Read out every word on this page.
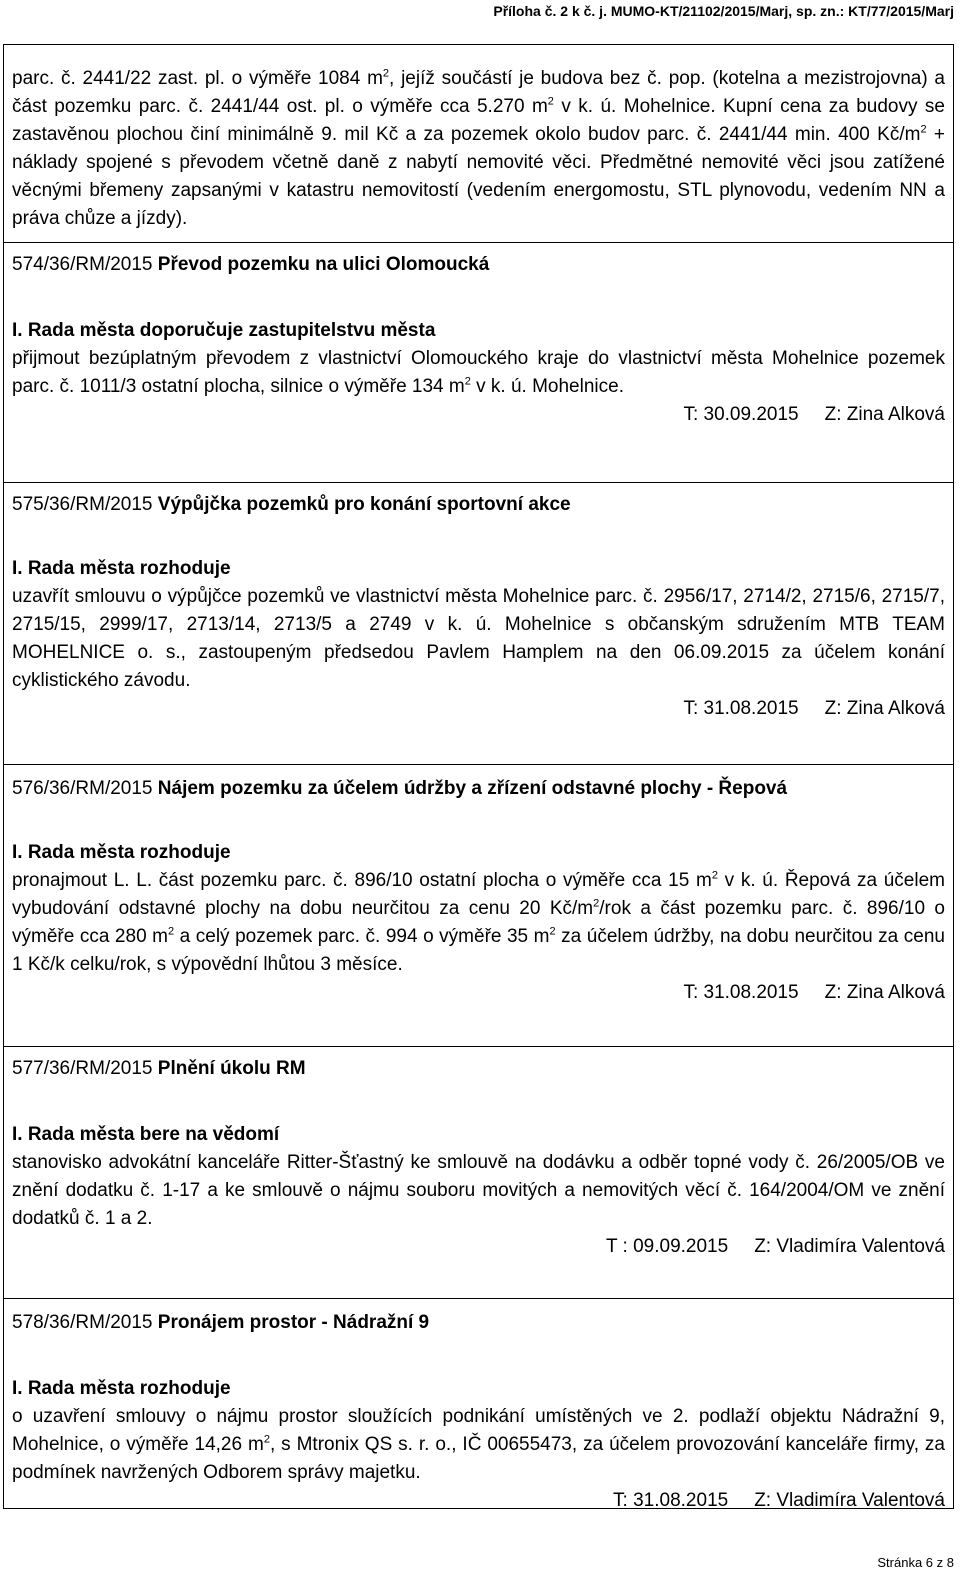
Příloha č. 2 k č. j. MUMO-KT/21102/2015/Marj, sp. zn.: KT/77/2015/Marj
parc. č. 2441/22 zast. pl. o výměře 1084 $m^2$, jejíž součástí je budova bez č. pop. (kotelna a mezistrojovna) a část pozemku parc. č. 2441/44 ost. pl. o výměře cca 5.270 $m^2$ v k. ú. Mohelnice. Kupní cena za budovy se zastavěnou plochou činí minimálně 9. mil Kč a za pozemek okolo budov parc. č. 2441/44 min. 400 $Kč/m^2$ + náklady spojené s převodem včetně daně z nabytí nemovité věci. Předmětné nemovité věci jsou zatížené věcnými břemeny zapsanými v katastru nemovitostí (vedením energomostu, STL plynovodu, vedením NN a práva chůze a jízdy).
574/36/RM/2015 Převod pozemku na ulici Olomoucká
I. Rada města doporučuje zastupitelstvu města
přijmout bezúplatným převodem z vlastnictví Olomouckého kraje do vlastnictví města Mohelnice pozemek parc. č. 1011/3 ostatní plocha, silnice o výměře 134 $m^2$ v k. ú. Mohelnice.
T: 30.09.2015 Z: Zina Alková
575/36/RM/2015 Výpůjčka pozemků pro konání sportovní akce
I. Rada města rozhoduje
uzavřít smlouvu o výpůjčce pozemků ve vlastnictví města Mohelnice parc. č. 2956/17, 2714/2, 2715/6, 2715/7, 2715/15, 2999/17, 2713/14, 2713/5 a 2749 v k. ú. Mohelnice s občanským sdružením MTB TEAM MOHELNICE o. s., zastoupeným předsedou Pavlem Hamplem na den 06.09.2015 za účelem konání cyklistického závodu.
T: 31.08.2015 Z: Zina Alková
576/36/RM/2015 Nájem pozemku za účelem údržby a zřízení odstavné plochy - Řepová
I. Rada města rozhoduje
pronajmout L. L. část pozemku parc. č. 896/10 ostatní plocha o výměře cca 15 $m^2$ v k. ú. Řepová za účelem vybudování odstavné plochy na dobu neurčitou za cenu 20 $Kč/m^2$/rok a část pozemku parc. č. 896/10 o výměře cca 280 $m^2$ a celý pozemek parc. č. 994 o výměře 35 $m^2$ za účelem údržby, na dobu neurčitou za cenu 1 Kč/k celku/rok, s výpovědní lhůtou 3 měsíce.
T: 31.08.2015 Z: Zina Alková
577/36/RM/2015 Plnění úkolu RM
I. Rada města bere na vědomí
stanovisko advokátní kanceláře Ritter-Šťastný ke smlouvě na dodávku a odběr topné vody č. 26/2005/OB ve znění dodatku č. 1-17 a ke smlouvě o nájmu souboru movitých a nemovitých věcí č. 164/2004/OM ve znění dodatků č. 1 a 2.
T : 09.09.2015 Z: Vladimíra Valentová
578/36/RM/2015 Pronájem prostor - Nádražní 9
I. Rada města rozhoduje
o uzavření smlouvy o nájmu prostor sloužících podnikání umístěných ve 2. podlaží objektu Nádražní 9, Mohelnice, o výměře 14,26 $m^2$, s Mtronix QS s. r. o., IČ 00655473, za účelem provozování kanceláře firmy, za podmínek navržených Odborem správy majetku.
T: 31.08.2015 Z: Vladimíra Valentová
Stránka 6 z 8
